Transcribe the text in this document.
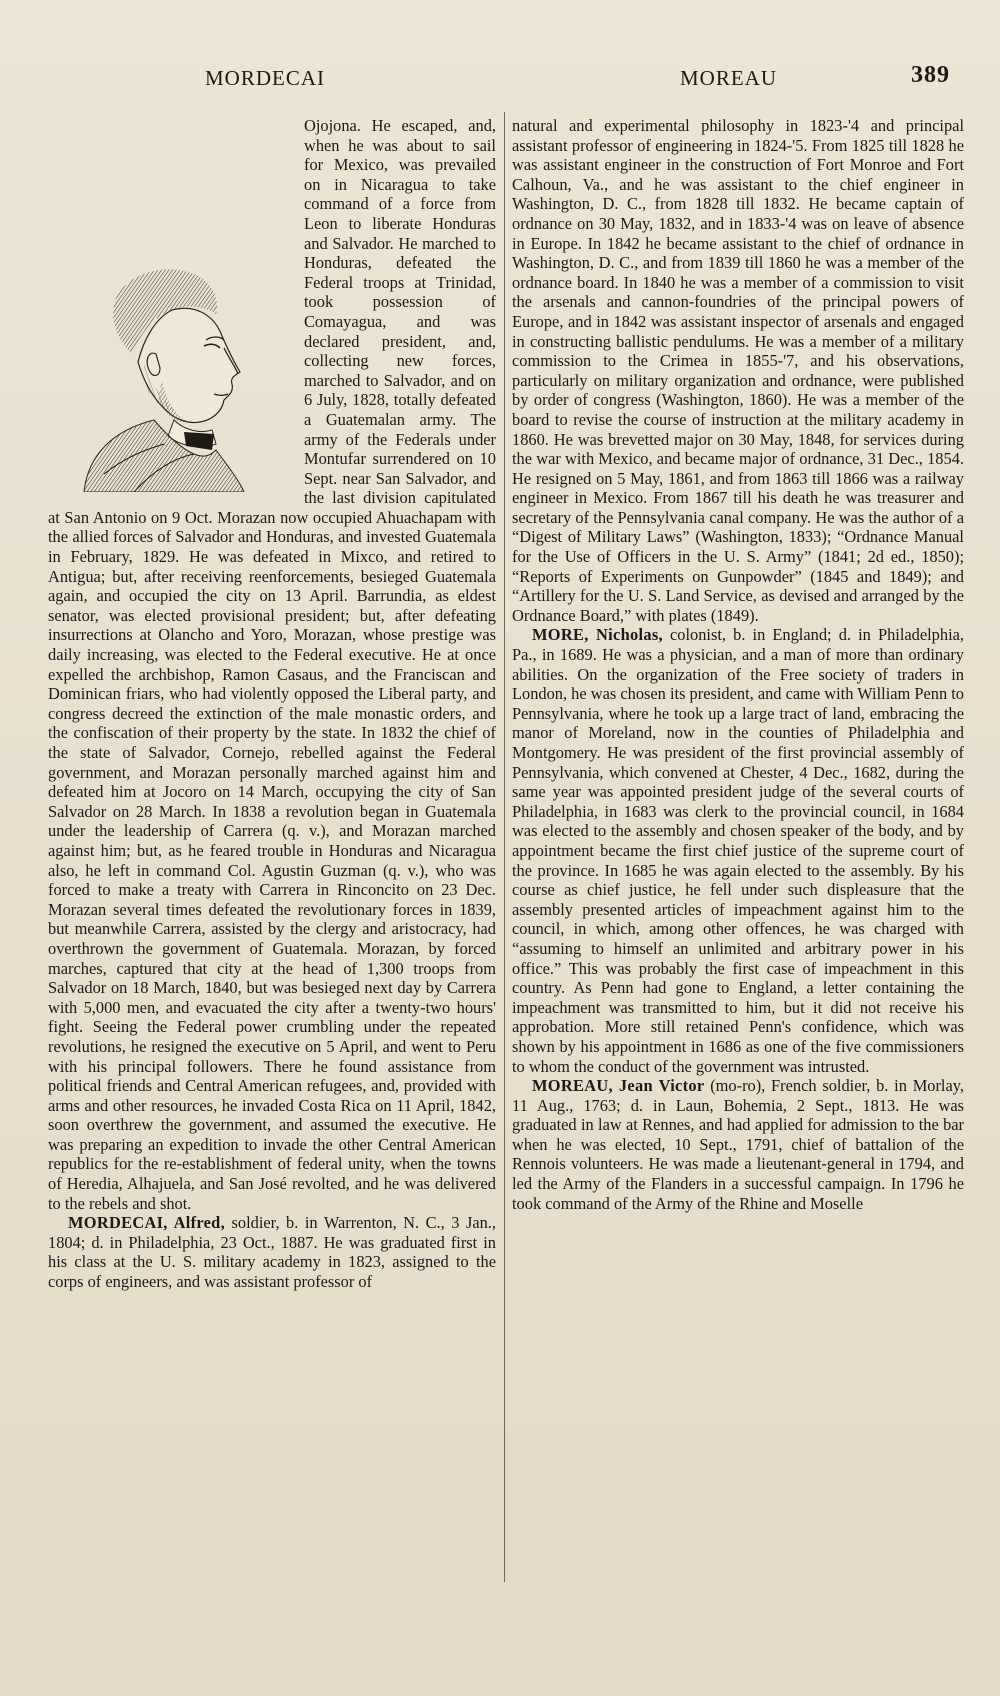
MORDECAI	MOREAU	389

Ojojona. He escaped, and, when he was about to sail for Mexico, was prevailed on in Nicaragua to take command of a force from Leon to liberate Honduras and Salvador. He marched to Honduras, defeated the Federal troops at Trinidad, took possession of Comayagua, and was declared president, and, collecting new forces, marched to Salvador, and on 6 July, 1828, totally defeated a Guatemalan army. The army of the Federals under Montufar surrendered on 10 Sept. near San Salvador, and the last division capitulated at San Antonio on 9 Oct. Morazan now occupied Ahuachapam with the allied forces of Salvador and Honduras, and invested Guatemala in February, 1829. He was defeated in Mixco, and retired to Antigua; but, after receiving reenforcements, besieged Guatemala again, and occupied the city on 13 April. Barrundia, as eldest senator, was elected provisional president; but, after defeating insurrections at Olancho and Yoro, Morazan, whose prestige was daily increasing, was elected to the Federal executive. He at once expelled the archbishop, Ramon Casaus, and the Franciscan and Dominican friars, who had violently opposed the Liberal party, and congress decreed the extinction of the male monastic orders, and the confiscation of their property by the state. In 1832 the chief of the state of Salvador, Cornejo, rebelled against the Federal government, and Morazan personally marched against him and defeated him at Jocoro on 14 March, occupying the city of San Salvador on 28 March. In 1838 a revolution began in Guatemala under the leadership of Carrera (q. v.), and Morazan marched against him; but, as he feared trouble in Honduras and Nicaragua also, he left in command Col. Agustin Guzman (q. v.), who was forced to make a treaty with Carrera in Rinconcito on 23 Dec. Morazan several times defeated the revolutionary forces in 1839, but meanwhile Carrera, assisted by the clergy and aristocracy, had overthrown the government of Guatemala. Morazan, by forced marches, captured that city at the head of 1,300 troops from Salvador on 18 March, 1840, but was besieged next day by Carrera with 5,000 men, and evacuated the city after a twenty-two hours' fight. Seeing the Federal power crumbling under the repeated revolutions, he resigned the executive on 5 April, and went to Peru with his principal followers. There he found assistance from political friends and Central American refugees, and, provided with arms and other resources, he invaded Costa Rica on 11 April, 1842, soon overthrew the government, and assumed the executive. He was preparing an expedition to invade the other Central American republics for the re-establishment of federal unity, when the towns of Heredia, Alhajuela, and San José revolted, and he was delivered to the rebels and shot.

MORDECAI, Alfred, soldier, b. in Warrenton, N. C., 3 Jan., 1804; d. in Philadelphia, 23 Oct., 1887. He was graduated first in his class at the U. S. military academy in 1823, assigned to the corps of engineers, and was assistant professor of

natural and experimental philosophy in 1823-'4 and principal assistant professor of engineering in 1824-'5. From 1825 till 1828 he was assistant engineer in the construction of Fort Monroe and Fort Calhoun, Va., and he was assistant to the chief engineer in Washington, D. C., from 1828 till 1832. He became captain of ordnance on 30 May, 1832, and in 1833-'4 was on leave of absence in Europe. In 1842 he became assistant to the chief of ordnance in Washington, D. C., and from 1839 till 1860 he was a member of the ordnance board. In 1840 he was a member of a commission to visit the arsenals and cannon-foundries of the principal powers of Europe, and in 1842 was assistant inspector of arsenals and engaged in constructing ballistic pendulums. He was a member of a military commission to the Crimea in 1855-'7, and his observations, particularly on military organization and ordnance, were published by order of congress (Washington, 1860). He was a member of the board to revise the course of instruction at the military academy in 1860. He was brevetted major on 30 May, 1848, for services during the war with Mexico, and became major of ordnance, 31 Dec., 1854. He resigned on 5 May, 1861, and from 1863 till 1866 was a railway engineer in Mexico. From 1867 till his death he was treasurer and secretary of the Pennsylvania canal company. He was the author of a “Digest of Military Laws” (Washington, 1833); “Ordnance Manual for the Use of Officers in the U. S. Army” (1841; 2d ed., 1850); “Reports of Experiments on Gunpowder” (1845 and 1849); and “Artillery for the U. S. Land Service, as devised and arranged by the Ordnance Board,” with plates (1849).

MORE, Nicholas, colonist, b. in England; d. in Philadelphia, Pa., in 1689. He was a physician, and a man of more than ordinary abilities. On the organization of the Free society of traders in London, he was chosen its president, and came with William Penn to Pennsylvania, where he took up a large tract of land, embracing the manor of Moreland, now in the counties of Philadelphia and Montgomery. He was president of the first provincial assembly of Pennsylvania, which convened at Chester, 4 Dec., 1682, during the same year was appointed president judge of the several courts of Philadelphia, in 1683 was clerk to the provincial council, in 1684 was elected to the assembly and chosen speaker of the body, and by appointment became the first chief justice of the supreme court of the province. In 1685 he was again elected to the assembly. By his course as chief justice, he fell under such displeasure that the assembly presented articles of impeachment against him to the council, in which, among other offences, he was charged with “assuming to himself an unlimited and arbitrary power in his office.” This was probably the first case of impeachment in this country. As Penn had gone to England, a letter containing the impeachment was transmitted to him, but it did not receive his approbation. More still retained Penn's confidence, which was shown by his appointment in 1686 as one of the five commissioners to whom the conduct of the government was intrusted.

MOREAU, Jean Victor (mo-ro), French soldier, b. in Morlay, 11 Aug., 1763; d. in Laun, Bohemia, 2 Sept., 1813. He was graduated in law at Rennes, and had applied for admission to the bar when he was elected, 10 Sept., 1791, chief of battalion of the Rennois volunteers. He was made a lieutenant-general in 1794, and led the Army of the Flanders in a successful campaign. In 1796 he took command of the Army of the Rhine and Moselle
